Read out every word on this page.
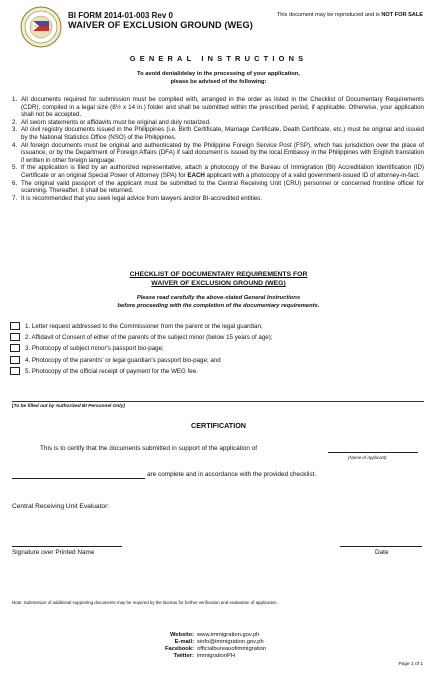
BI FORM 2014-01-003 Rev 0
WAIVER OF EXCLUSION GROUND (WEG)
This document may be reproduced and is NOT FOR SALE
GENERAL INSTRUCTIONS
To avoid denial/delay in the processing of your application,
please be advised of the following:
1. All documents required for submission must be complied with, arranged in the order as listed in the Checklist of Documentary Requirements (CDR), compiled in a legal size (8½ x 14 in.) folder and shall be submitted within the prescribed period, if applicable. Otherwise, your application shall not be accepted.
2. All sworn statements or affidavits must be original and duly notarized.
3. All civil registry documents issued in the Philippines (i.e. Birth Certificate, Marriage Certificate, Death Certificate, etc.) must be original and issued by the National Statistics Office (NSO) of the Philippines.
4. All foreign documents must be original and authenticated by the Philippine Foreign Service Post (FSP), which has jurisdiction over the place of issuance, or by the Department of Foreign Affairs (DFA) if said document is issued by the local Embassy in the Philippines with English translation if written in other foreign language.
5. If the application is filed by an authorized representative, attach a photocopy of the Bureau of Immigration (BI) Accreditation Identification (ID) Certificate or an original Special Power of Attorney (SPA) for EACH applicant with a photocopy of a valid government-issued ID of attorney-in-fact.
6. The original valid passport of the applicant must be submitted to the Central Receiving Unit (CRU) personnel or concerned frontline officer for scanning. Thereafter, it shall be returned.
7. It is recommended that you seek legal advice from lawyers and/or BI-accredited entities.
CHECKLIST OF DOCUMENTARY REQUIREMENTS FOR
WAIVER OF EXCLUSION GROUND (WEG)
Please read carefully the above-stated General Instructions
before proceeding with the completion of the documentary requirements.
1. Letter request addressed to the Commissioner from the parent or the legal guardian;
2. Affidavit of Consent of either of the parents of the subject minor (below 15 years of age);
3. Photocopy of subject minor's passport bio-page;
4. Photocopy of the parent/s' or legal guardian's passport bio-page; and
5. Photocopy of the official receipt of payment for the WEG fee.
[To be filled out by Authorized BI Personnel Only]
CERTIFICATION
This is to certify that the documents submitted in support of the application of
(Name of Applicant)
are complete and in accordance with the provided checklist.
Central Receiving Unit Evaluator:
Signature over Printed Name	Date
Note: Submission of additional supporting documents may be required by the Bureau for further verification and evaluation of application.
Website: www.immigration.gov.ph
E-mail: xinfo@immigration.gov.ph
Facebook: officialbureauofimmigration
Twitter: immigrationPH
Page 1 of 1
